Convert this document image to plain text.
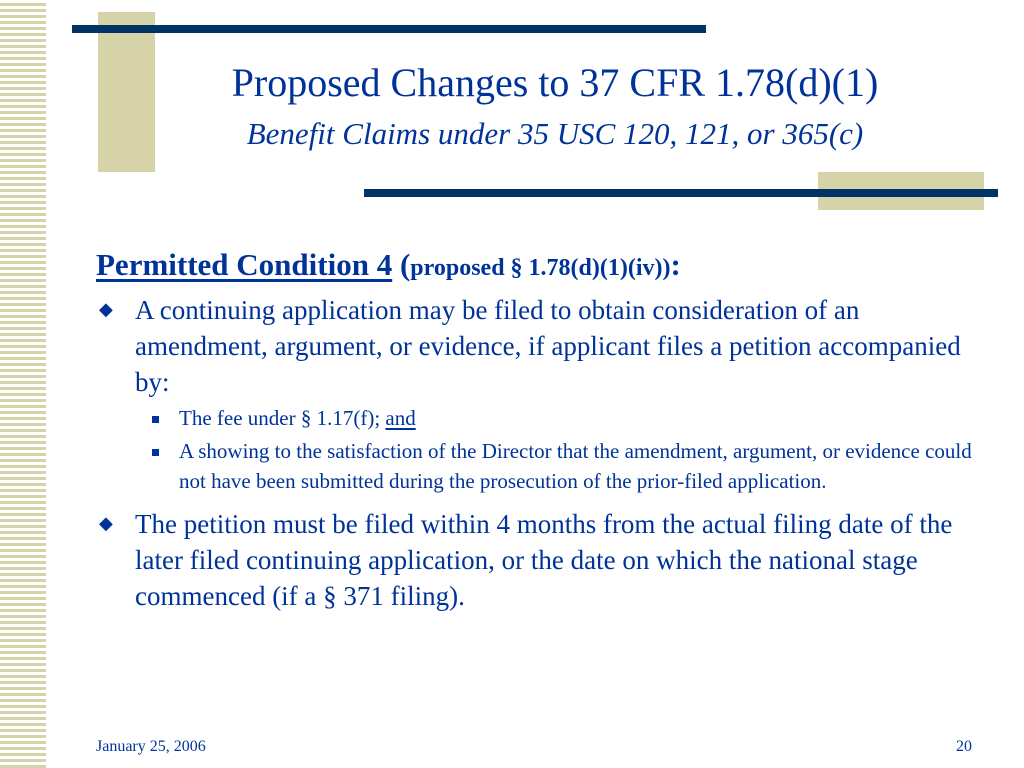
Proposed Changes to 37 CFR 1.78(d)(1)
Benefit Claims under 35 USC 120, 121, or 365(c)

Permitted Condition 4 (proposed § 1.78(d)(1)(iv)):

◆ A continuing application may be filed to obtain consideration of an amendment, argument, or evidence, if applicant files a petition accompanied by:
The fee under § 1.17(f); and
A showing to the satisfaction of the Director that the amendment, argument, or evidence could not have been submitted during the prosecution of the prior-filed application.
◆ The petition must be filed within 4 months from the actual filing date of the later filed continuing application, or the date on which the national stage commenced (if a § 371 filing).
January 25, 2006	20
